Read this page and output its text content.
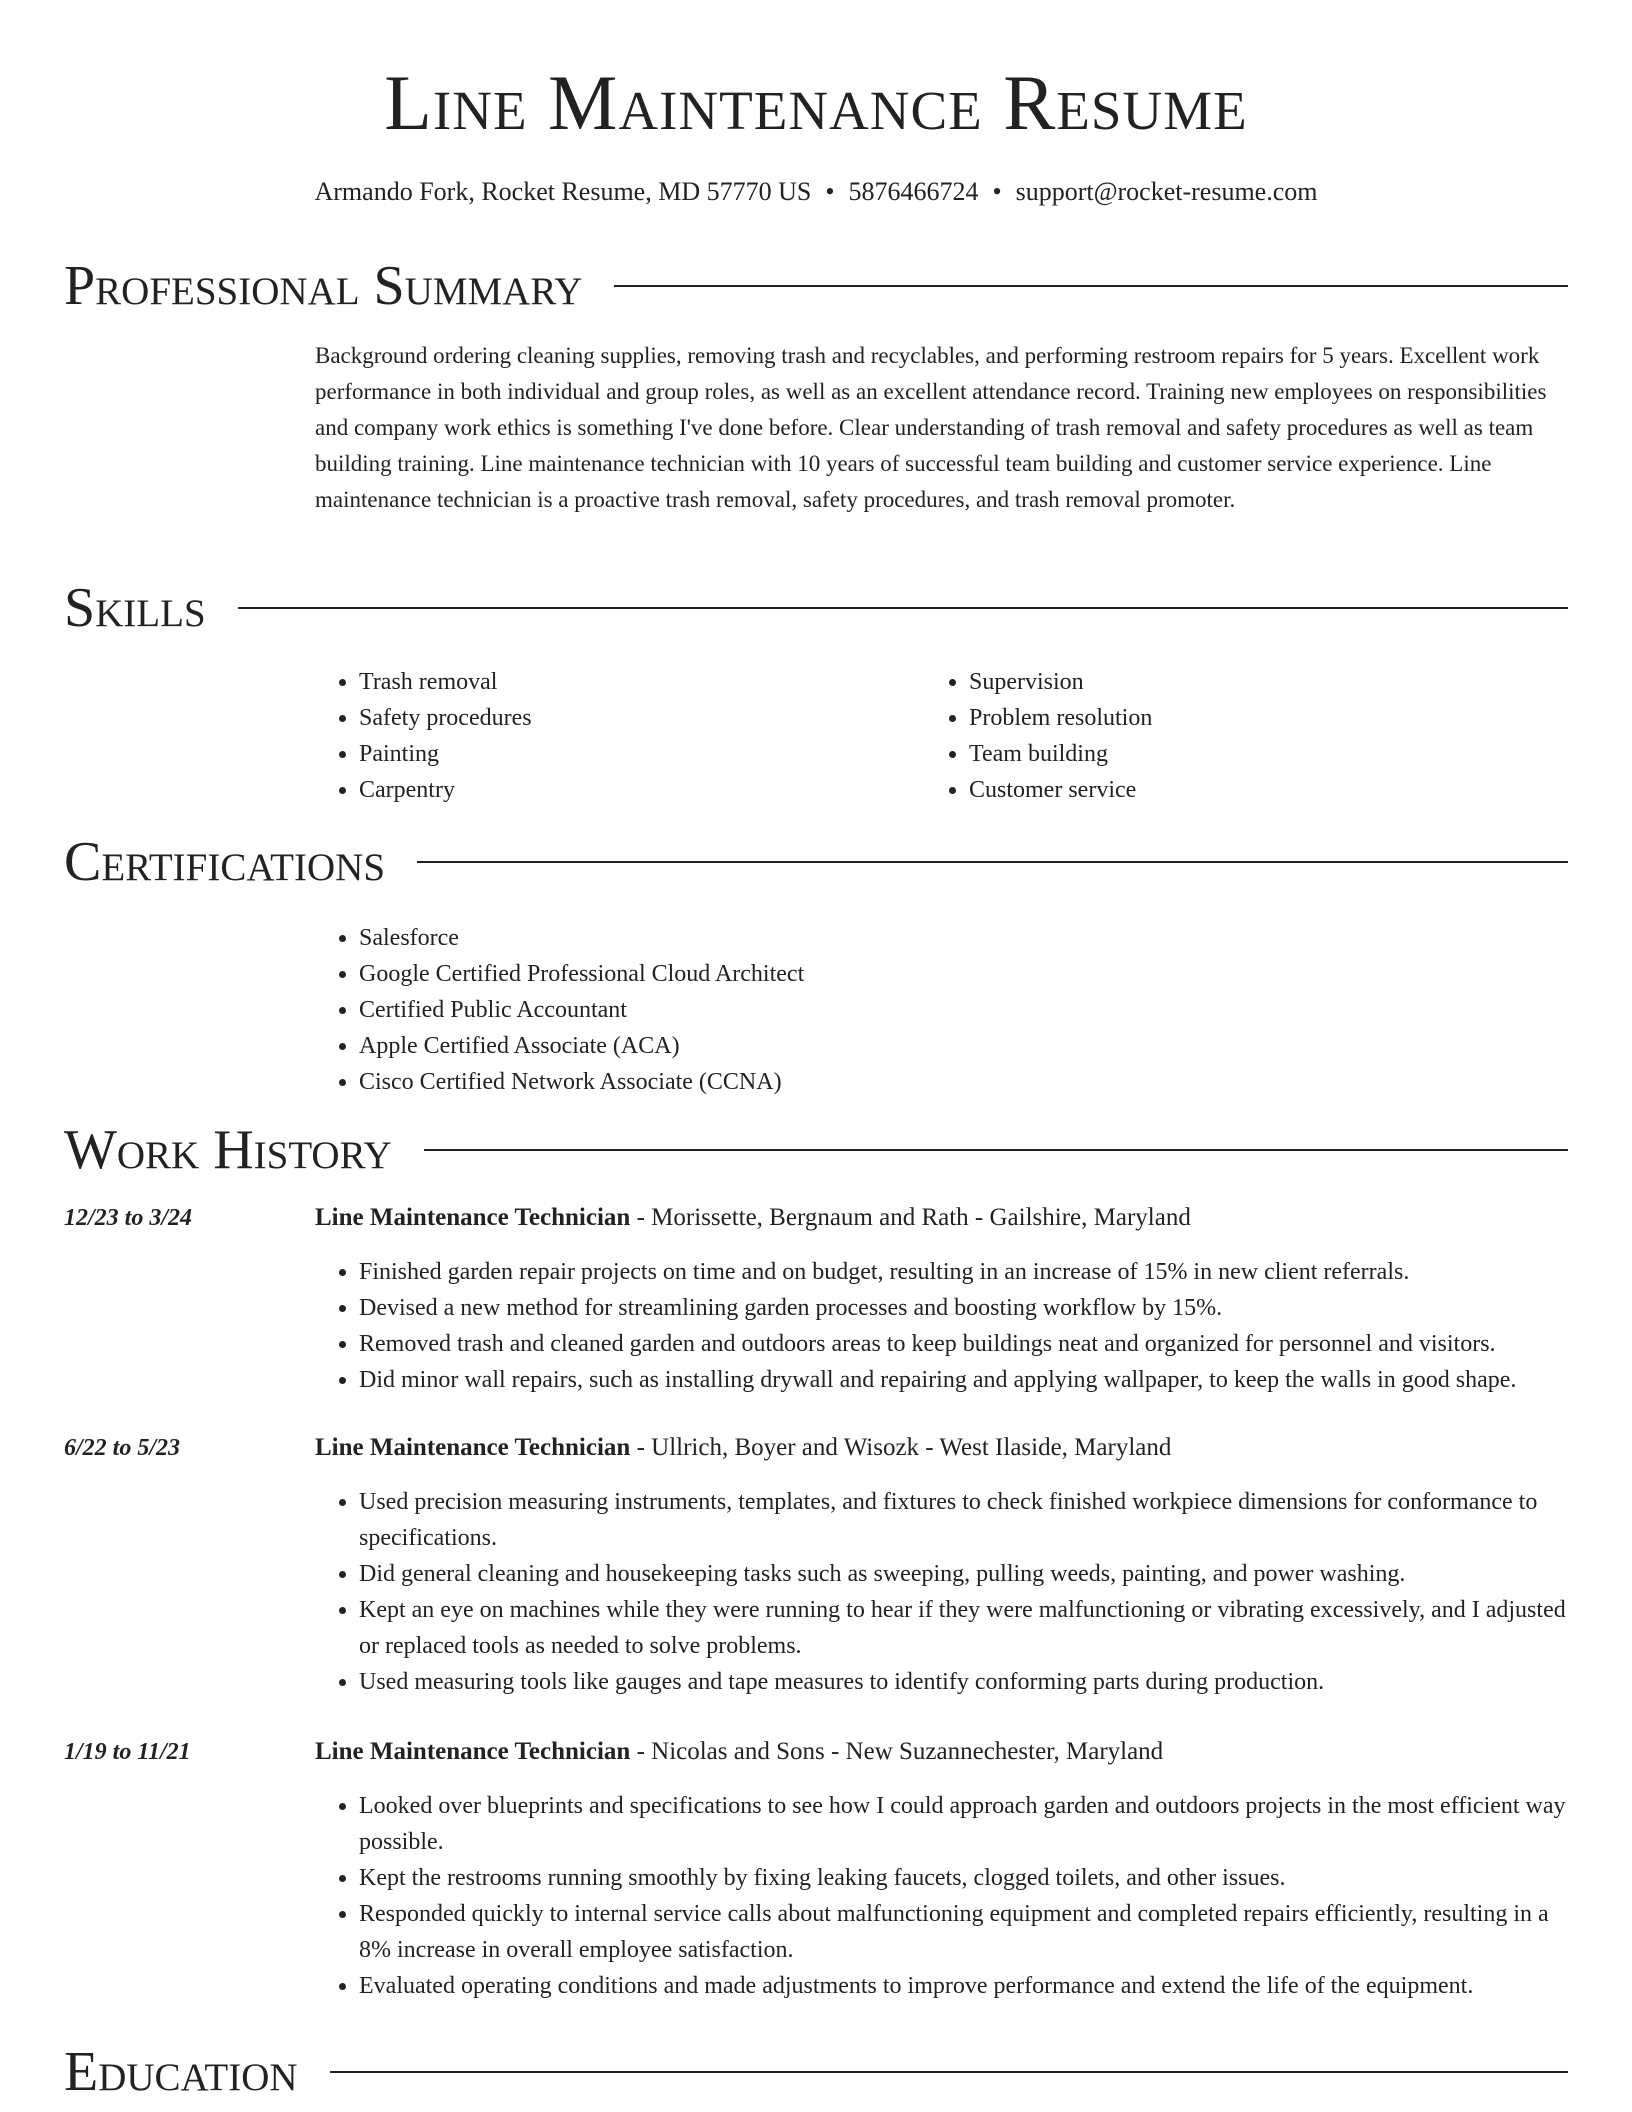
Line Maintenance Resume
Armando Fork, Rocket Resume, MD 57770 US • 5876466724 • support@rocket-resume.com
Professional Summary
Background ordering cleaning supplies, removing trash and recyclables, and performing restroom repairs for 5 years. Excellent work performance in both individual and group roles, as well as an excellent attendance record. Training new employees on responsibilities and company work ethics is something I've done before. Clear understanding of trash removal and safety procedures as well as team building training. Line maintenance technician with 10 years of successful team building and customer service experience. Line maintenance technician is a proactive trash removal, safety procedures, and trash removal promoter.
Skills
• Trash removal
• Safety procedures
• Painting
• Carpentry
• Supervision
• Problem resolution
• Team building
• Customer service
Certifications
• Salesforce
• Google Certified Professional Cloud Architect
• Certified Public Accountant
• Apple Certified Associate (ACA)
• Cisco Certified Network Associate (CCNA)
Work History
12/23 to 3/24	Line Maintenance Technician - Morissette, Bergnaum and Rath - Gailshire, Maryland
• Finished garden repair projects on time and on budget, resulting in an increase of 15% in new client referrals.
• Devised a new method for streamlining garden processes and boosting workflow by 15%.
• Removed trash and cleaned garden and outdoors areas to keep buildings neat and organized for personnel and visitors.
• Did minor wall repairs, such as installing drywall and repairing and applying wallpaper, to keep the walls in good shape.
6/22 to 5/23	Line Maintenance Technician - Ullrich, Boyer and Wisozk - West Ilaside, Maryland
• Used precision measuring instruments, templates, and fixtures to check finished workpiece dimensions for conformance to specifications.
• Did general cleaning and housekeeping tasks such as sweeping, pulling weeds, painting, and power washing.
• Kept an eye on machines while they were running to hear if they were malfunctioning or vibrating excessively, and I adjusted or replaced tools as needed to solve problems.
• Used measuring tools like gauges and tape measures to identify conforming parts during production.
1/19 to 11/21	Line Maintenance Technician - Nicolas and Sons - New Suzannechester, Maryland
• Looked over blueprints and specifications to see how I could approach garden and outdoors projects in the most efficient way possible.
• Kept the restrooms running smoothly by fixing leaking faucets, clogged toilets, and other issues.
• Responded quickly to internal service calls about malfunctioning equipment and completed repairs efficiently, resulting in a 8% increase in overall employee satisfaction.
• Evaluated operating conditions and made adjustments to improve performance and extend the life of the equipment.
Education
